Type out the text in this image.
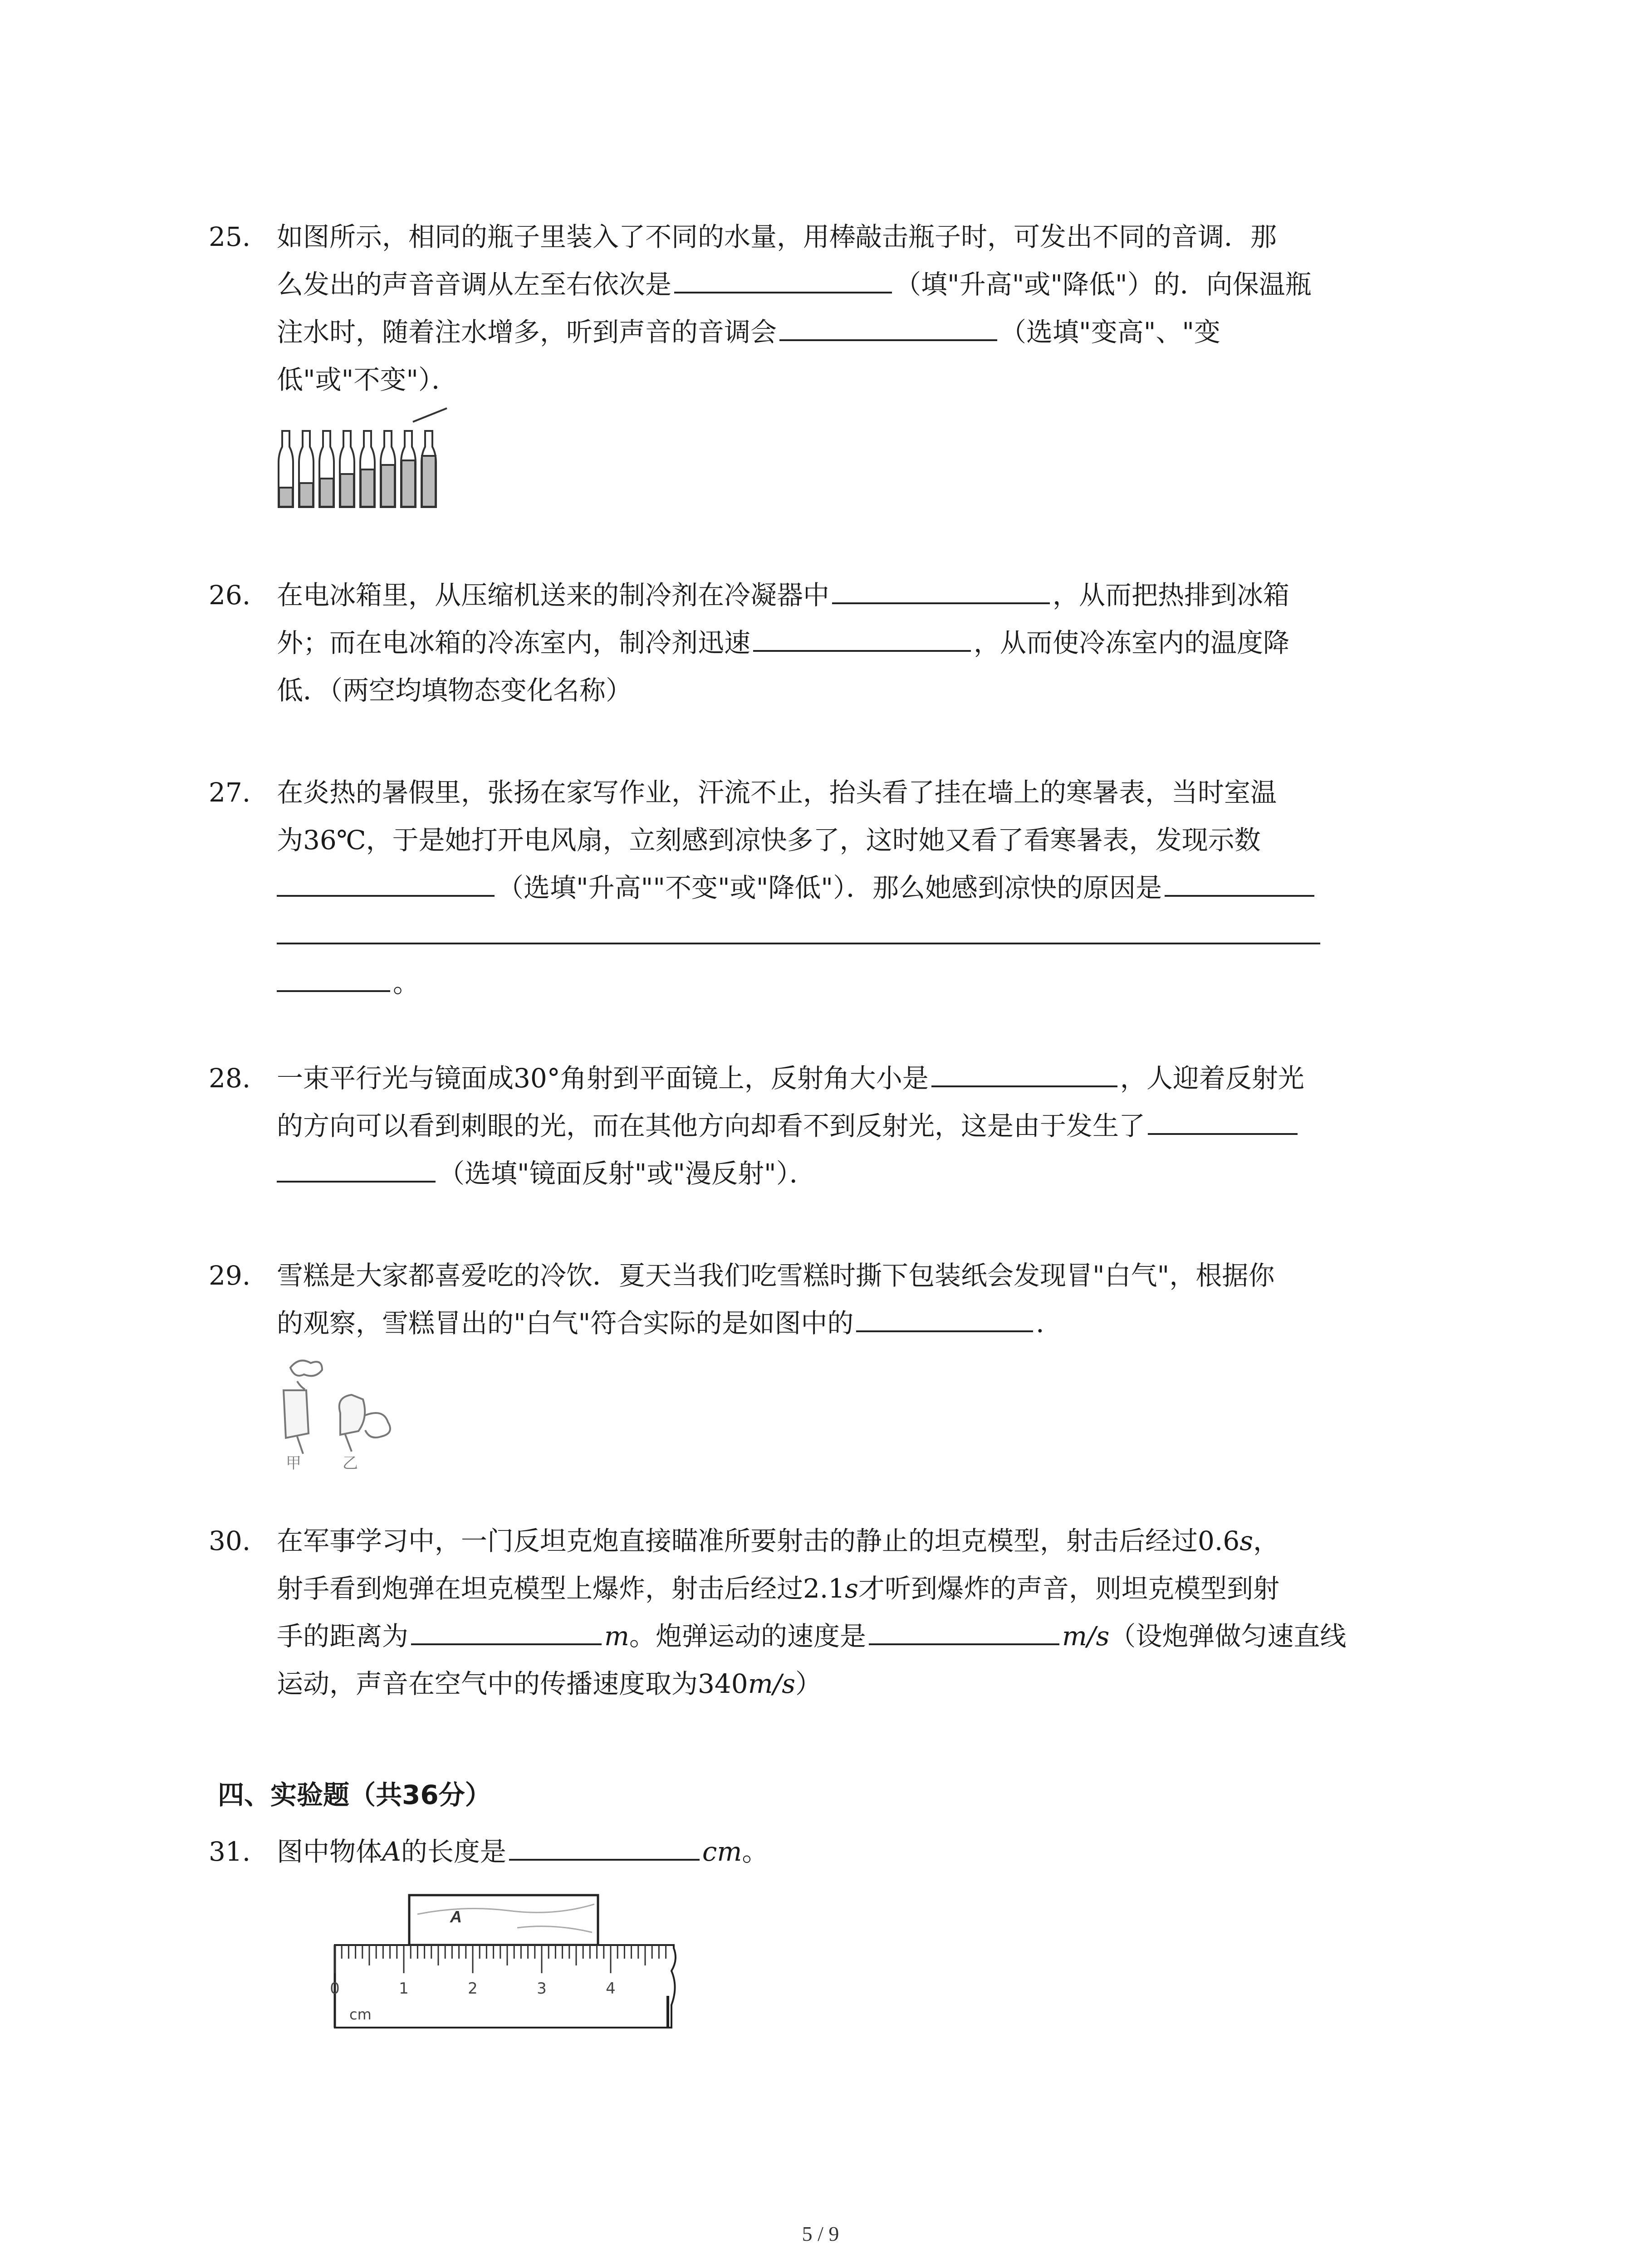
25. 如图所示，相同的瓶子里装入了不同的水量，用棒敲击瓶子时，可发出不同的音调．那
么发出的声音音调从左至右依次是	（填"升高"或"降低"）的．向保温瓶
注水时，随着注水增多，听到声音的音调会	（选填"变高"、"变
低"或"不变"）．
26. 在电冰箱里，从压缩机送来的制冷剂在冷凝器中	，从而把热排到冰箱
外；而在电冰箱的冷冻室内，制冷剂迅速	，从而使冷冻室内的温度降
低．（两空均填物态变化名称）
27. 在炎热的暑假里，张扬在家写作业，汗流不止，抬头看了挂在墙上的寒暑表，当时室温
为36℃，于是她打开电风扇，立刻感到凉快多了，这时她又看了看寒暑表，发现示数
（选填"升高""不变"或"降低"）．那么她感到凉快的原因是
。
28. 一束平行光与镜面成30°角射到平面镜上，反射角大小是	，人迎着反射光
的方向可以看到刺眼的光，而在其他方向却看不到反射光，这是由于发生了
（选填"镜面反射"或"漫反射"）．
29. 雪糕是大家都喜爱吃的冷饮．夏天当我们吃雪糕时撕下包装纸会发现冒"白气"，根据你
的观察，雪糕冒出的"白气"符合实际的是如图中的	．
甲	乙
30. 在军事学习中，一门反坦克炮直接瞄准所要射击的静止的坦克模型，射击后经过0.6s，
射手看到炮弹在坦克模型上爆炸，射击后经过2.1s才听到爆炸的声音，则坦克模型到射
手的距离为	m。炮弹运动的速度是	m/s（设炮弹做匀速直线
运动，声音在空气中的传播速度取为340m/s）
四、实验题（共36分）
31. 图中物体A的长度是	cm。
A
0	1	2	3	4
cm
5 / 9
